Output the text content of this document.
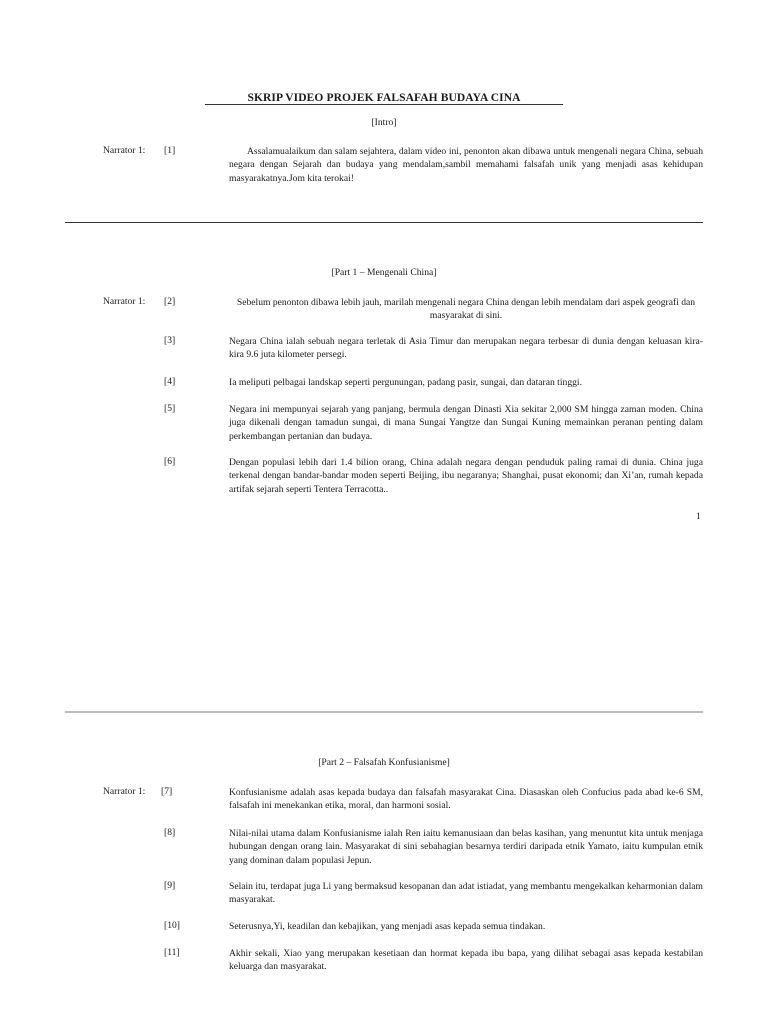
SKRIP VIDEO PROJEK FALSAFAH BUDAYA CINA
[Intro]
Narrator 1: [1]	Assalamualaikum dan salam sejahtera, dalam video ini, penonton akan dibawa untuk mengenali negara China, sebuah negara dengan Sejarah dan budaya yang mendalam,sambil memahami falsafah unik yang menjadi asas kehidupan masyarakatnya.Jom kita terokai!
[Part 1 – Mengenali China]
Narrator 1: [2]	Sebelum penonton dibawa lebih jauh, marilah mengenali negara China dengan lebih mendalam dari aspek geografi dan masyarakat di sini.
[3]	Negara China ialah sebuah negara terletak di Asia Timur dan merupakan negara terbesar di dunia dengan keluasan kira-kira 9.6 juta kilometer persegi.
[4]	Ia meliputi pelbagai landskap seperti pergunungan, padang pasir, sungai, dan dataran tinggi.
[5]	Negara ini mempunyai sejarah yang panjang, bermula dengan Dinasti Xia sekitar 2,000 SM hingga zaman moden. China juga dikenali dengan tamadun sungai, di mana Sungai Yangtze dan Sungai Kuning memainkan peranan penting dalam perkembangan pertanian dan budaya.
[6]	Dengan populasi lebih dari 1.4 bilion orang, China adalah negara dengan penduduk paling ramai di dunia. China juga terkenal dengan bandar-bandar moden seperti Beijing, ibu negaranya; Shanghai, pusat ekonomi; dan Xi’an, rumah kepada artifak sejarah seperti Tentera Terracotta..
1
[Part 2 – Falsafah Konfusianisme]
Narrator 1: [7]	Konfusianisme adalah asas kepada budaya dan falsafah masyarakat Cina. Diasaskan oleh Confucius pada abad ke-6 SM, falsafah ini menekankan etika, moral, dan harmoni sosial.
[8]	Nilai-nilai utama dalam Konfusianisme ialah Ren iaitu kemanusiaan dan belas kasihan, yang menuntut kita untuk menjaga hubungan dengan orang lain. Masyarakat di sini sebahagian besarnya terdiri daripada etnik Yamato, iaitu kumpulan etnik yang dominan dalam populasi Jepun.
[9]	Selain itu, terdapat juga Li yang bermaksud kesopanan dan adat istiadat, yang membantu mengekalkan keharmonian dalam masyarakat.
[10]	Seterusnya,Yi, keadilan dan kebajikan, yang menjadi asas kepada semua tindakan.
[11]	Akhir sekali, Xiao yang merupakan kesetiaan dan hormat kepada ibu bapa, yang dilihat sebagai asas kepada kestabilan keluarga dan masyarakat.
